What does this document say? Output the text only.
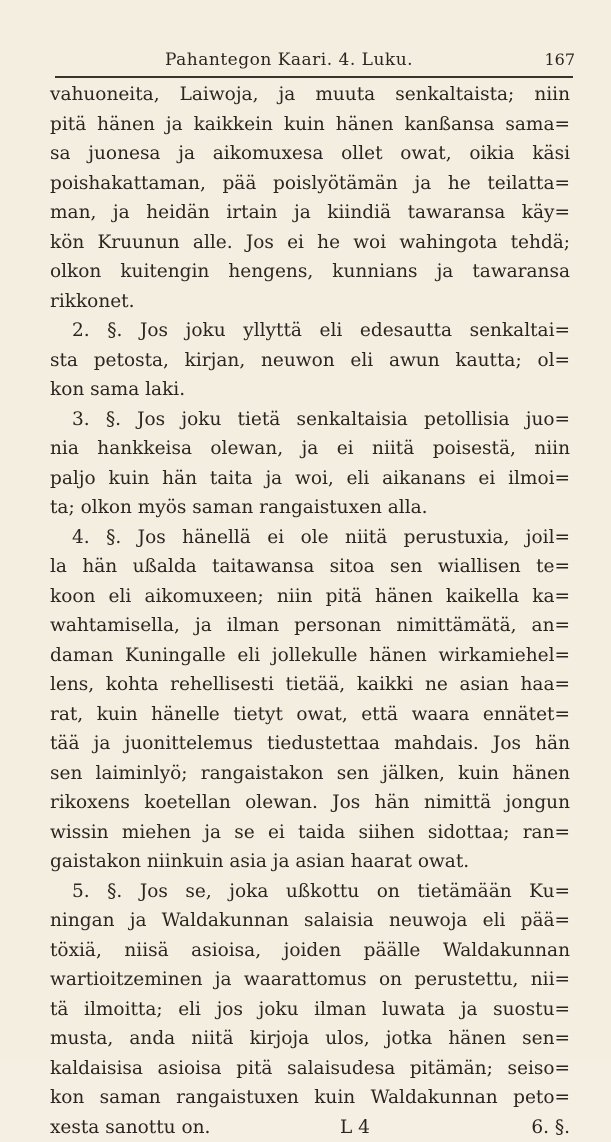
Pahantegon Kaari. 4. Luku.	167
vahuoneita, Laiwoja, ja muuta senkaltaista; niin
pitä hänen ja kaikkein kuin hänen kanßansa sama=
sa juonesa ja aikomuxesa ollet owat, oikia käsi
poishakattaman, pää poislyötämän ja he teilatta=
man, ja heidän irtain ja kiindiä tawaransa käy=
kön Kruunun alle. Jos ei he woi wahingota tehdä;
olkon kuitengin hengens, kunnians ja tawaransa
rikkonet.
2. §. Jos joku yllyttä eli edesautta senkaltai=
sta petosta, kirjan, neuwon eli awun kautta; ol=
kon sama laki.
3. §. Jos joku tietä senkaltaisia petollisia juo=
nia hankkeisa olewan, ja ei niitä poisestä, niin
paljo kuin hän taita ja woi, eli aikanans ei ilmoi=
ta; olkon myös saman rangaistuxen alla.
4. §. Jos hänellä ei ole niitä perustuxia, joil=
la hän ußalda taitawansa sitoa sen wiallisen te=
koon eli aikomuxeen; niin pitä hänen kaikella ka=
wahtamisella, ja ilman personan nimittämätä, an=
daman Kuningalle eli jollekulle hänen wirkamiehel=
lens, kohta rehellisesti tietää, kaikki ne asian haa=
rat, kuin hänelle tietyt owat, että waara ennätet=
tää ja juonittelemus tiedustettaa mahdais. Jos hän
sen laiminlyö; rangaistakon sen jälken, kuin hänen
rikoxens koetellan olewan. Jos hän nimittä jongun
wissin miehen ja se ei taida siihen sidottaa; ran=
gaistakon niinkuin asia ja asian haarat owat.
5. §. Jos se, joka ußkottu on tietämään Ku=
ningan ja Waldakunnan salaisia neuwoja eli pää=
töxiä, niisä asioisa, joiden päälle Waldakunnan
wartioitzeminen ja waarattomus on perustettu, nii=
tä ilmoitta; eli jos joku ilman luwata ja suostu=
musta, anda niitä kirjoja ulos, jotka hänen sen=
kaldaisisa asioisa pitä salaisudesa pitämän; seiso=
kon saman rangaistuxen kuin Waldakunnan peto=
xesta sanottu on.	L 4	6. §.
